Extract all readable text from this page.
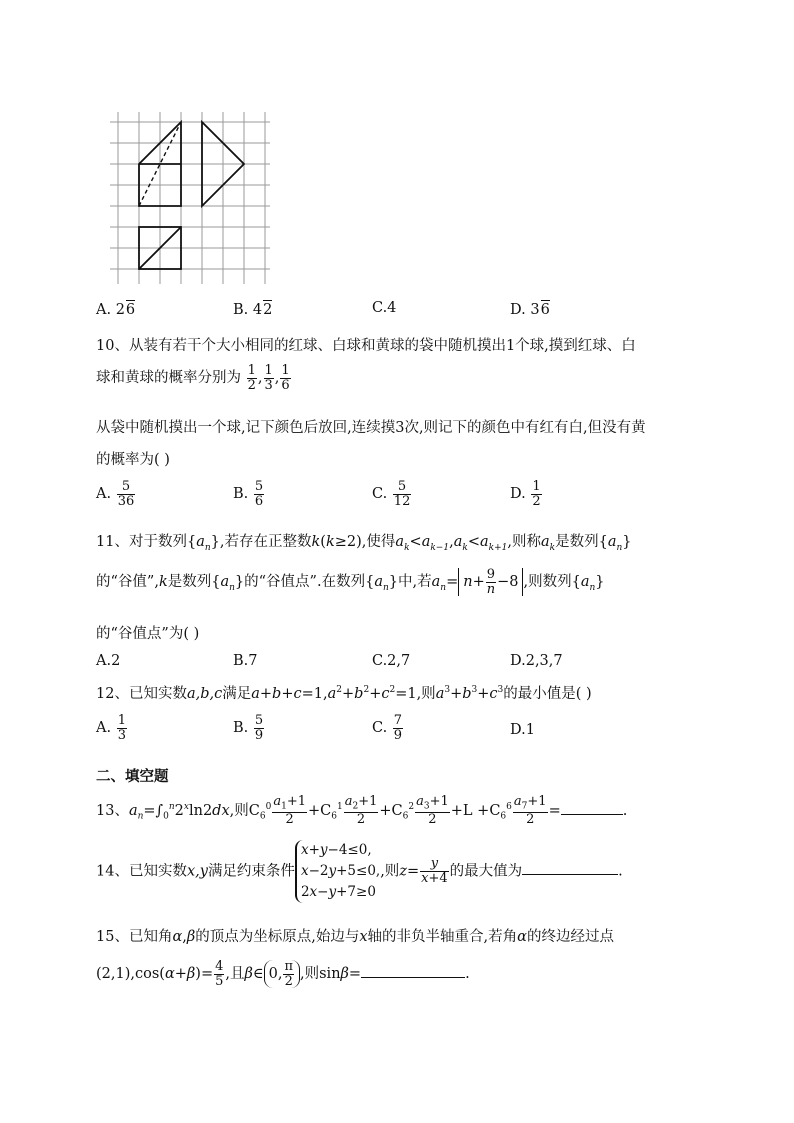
A. 26	B. 42	C.4	D. 36
10、从装有若干个大小相同的红球、白球和黄球的袋中随机摸出1个球,摸到红球、白
球和黄球的概率分别为 $\frac{1}{2}$ , $\frac{1}{3}$ , $\frac{1}{6}$
从袋中随机摸出一个球,记下颜色后放回,连续摸3次,则记下的颜色中有红有白,但没有黄
的概率为( )
A. $\frac{5}{36}$	B. $\frac{5}{6}$	C. $\frac{5}{12}$	D. $\frac{1}{2}$
11、对于数列$\{a_n\}$,若存在正整数k(k≥2),使得$a_k<a_{k-1},a_k<a_{k+1}$,则称$a_k$是数列$\{a_n\}$
的“谷值”,k是数列$\{a_n\}$的“谷值点”.在数列$\{a_n\}$中,若$a_n= n+ \frac{9}{n} -8$ ,则数列$\{a_n\}$
的“谷值点”为( )
A.2	B.7	C.2,7	D.2,3,7
12、已知实数a,b,c满足$a+b+c=1,a^2+b^2+c^2=1$,则$a^3+b^3+c^3$的最小值是( )
A. $\frac{1}{3}$	B. $\frac{5}{9}$	C. $\frac{7}{9}$	D.1
二、填空题
13、$a_n=\int_0^n2^x\ln 2dx$,则$C_6^0 \frac{a_1+1}{2} +C_6^1 \frac{a_2+1}{2} +C_6^2 \frac{a_3+1}{2} +L +C_6^6 \frac{a_7+1}{2}$ =	.
14、已知实数x,y满足约束条件
x+y−4≤0,
x−2y+5≤0,
2x−y+7≥0
,则$z= \frac{y}{x+4}$ 的最大值为	.
15、已知角α,β的顶点为坐标原点,始边与x轴的非负半轴重合,若角α的终边经过点
$(2,1),\cos(\alpha+\beta)= \frac{4}{5}$ ,且β∈ 0, $\frac{\pi}{2}$ ,则sinβ=	.
